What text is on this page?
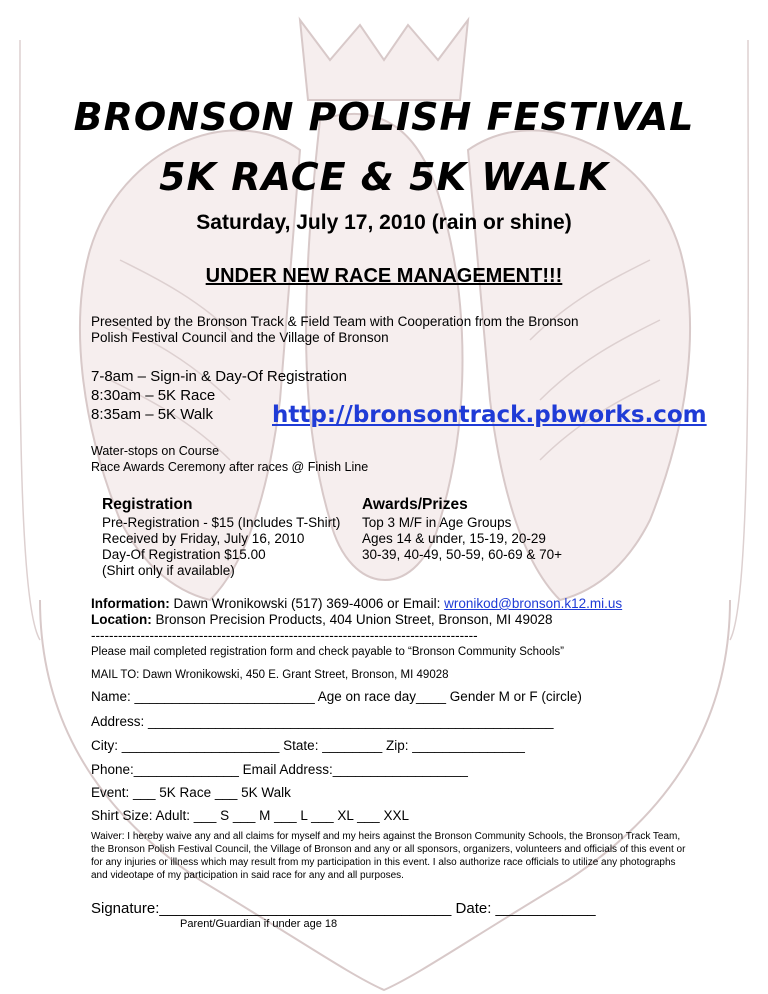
BRONSON POLISH FESTIVAL
5K RACE & 5K WALK
Saturday, July 17, 2010 (rain or shine)
UNDER NEW RACE MANAGEMENT!!!
Presented by the Bronson Track & Field Team with Cooperation from the Bronson
Polish Festival Council and the Village of Bronson
7-8am – Sign-in & Day-Of Registration
8:30am – 5K Race
8:35am – 5K Walk	http://bronsontrack.pbworks.com
Water-stops on Course
Race Awards Ceremony after races @ Finish Line
Registration
Pre-Registration - $15 (Includes T-Shirt)
Received by Friday, July 16, 2010
Day-Of Registration $15.00
(Shirt only if available)
Awards/Prizes
Top 3 M/F in Age Groups
Ages 14 & under, 15-19, 20-29
30-39, 40-49, 50-59, 60-69 & 70+
Information: Dawn Wronikowski (517) 369-4006 or Email: wronikod@bronson.k12.mi.us
Location: Bronson Precision Products, 404 Union Street, Bronson, MI 49028
--------------------------------------------------------------------------------------
Please mail completed registration form and check payable to “Bronson Community Schools”
MAIL TO: Dawn Wronikowski, 450 E. Grant Street, Bronson, MI 49028
Name: ________________________ Age on race day____ Gender M or F (circle)
Address: ______________________________________________________
City: _____________________ State: ________ Zip: _______________
Phone:______________ Email Address:__________________
Event: ___ 5K Race ___ 5K Walk
Shirt Size: Adult: ___ S ___ M ___ L ___ XL ___ XXL
Waiver: I hereby waive any and all claims for myself and my heirs against the Bronson Community Schools, the Bronson Track Team, the Bronson Polish Festival Council, the Village of Bronson and any or all sponsors, organizers, volunteers and officials of this event or for any injuries or illness which may result from my participation in this event. I also authorize race officials to utilize any photographs and videotape of my participation in said race for any and all purposes.
Signature:___________________________________ Date: ____________
Parent/Guardian if under age 18
